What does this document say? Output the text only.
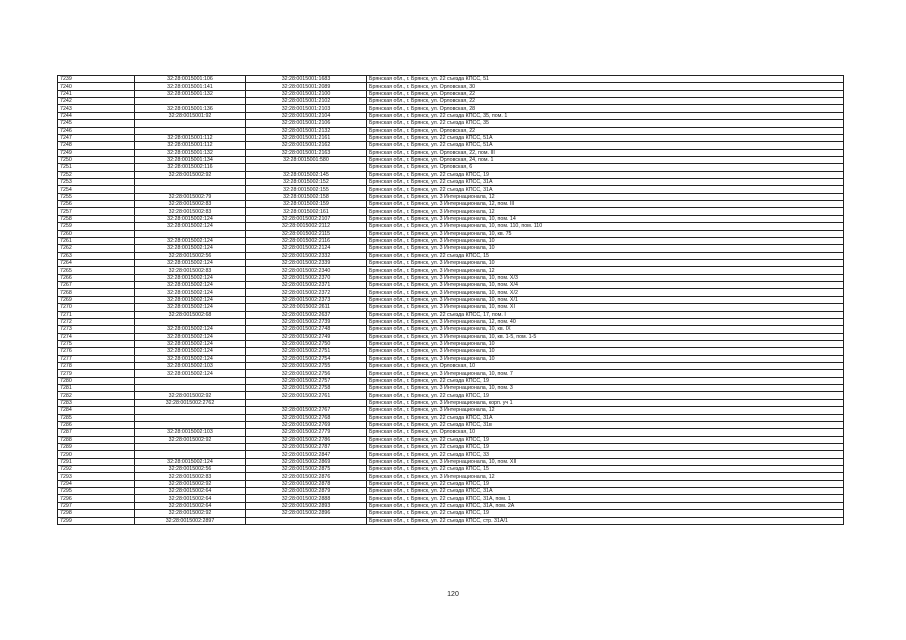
7239	32:28:0015001:106	32:28:0015001:1683	Брянская обл., г. Брянск, ул. 22 съезда КПСС, 51
7240	32:28:0015001:141	32:28:0015001:2089	Брянская обл., г. Брянск, ул. Орловская, 30
7241	32:28:0015001:132	32:28:0015001:2100	Брянская обл., г. Брянск, ул. Орловская, 22
7242		32:28:0015001:2102	Брянская обл., г. Брянск, ул. Орловская, 22
7243	32:28:0015001:136	32:28:0015001:2103	Брянская обл., г. Брянск, ул. Орловская, 28
7244	32:28:0015001:92	32:28:0015001:2104	Брянская обл., г. Брянск, ул. 22 съезда КПСС, 35, пом. 1
7245		32:28:0015001:2106	Брянская обл., г. Брянск, ул. 22 съезда КПСС, 35
7246		32:28:0015001:2132	Брянская обл., г. Брянск, ул. Орловская, 22
7247	32:28:0015001:112	32:28:0015001:2161	Брянская обл., г. Брянск, ул. 22 съезда КПСС, 51А
7248	32:28:0015001:112	32:28:0015001:2162	Брянская обл., г. Брянск, ул. 22 съезда КПСС, 51А
7249	32:28:0015001:132	32:28:0015001:2163	Брянская обл., г. Брянск, ул. Орловская, 22, пом. III
7250	32:28:0015001:134	32:28:0015001:580	Брянская обл., г. Брянск, ул. Орловская, 24, пом. 1
7251	32:28:0015002:116		Брянская обл., г. Брянск, ул. Орловская, 6
7252	32:28:0015002:92	32:28:0015002:145	Брянская обл., г. Брянск, ул. 22 съезда КПСС, 19
7253		32:28:0015002:152	Брянская обл., г. Брянск, ул. 22 съезда КПСС, 31А
7254		32:28:0015002:155	Брянская обл., г. Брянск, ул. 22 съезда КПСС, 31А
7255	32:28:0015002:79	32:28:0015002:158	Брянская обл., г. Брянск, ул. 3 Интернационала, 12
7256	32:28:0015002:83	32:28:0015002:159	Брянская обл., г. Брянск, ул. 3 Интернационала, 12, пом. III
7257	32:28:0015002:83	32:28:0015002:161	Брянская обл., г. Брянск, ул. 3 Интернационала, 12
7258	32:28:0015002:124	32:28:0015002:2107	Брянская обл., г. Брянск, ул. 3 Интернационала, 10, пом. 14
7259	32:28:0015002:124	32:28:0015002:2112	Брянская обл., г. Брянск, ул. 3 Интернационала, 10, пом. 110, пом. 110
7260		32:28:0015002:2115	Брянская обл., г. Брянск, ул. 3 Интернационала, 10, кв. 75
7261	32:28:0015002:124	32:28:0015002:2116	Брянская обл., г. Брянск, ул. 3 Интернационала, 10
7262	32:28:0015002:124	32:28:0015002:2124	Брянская обл., г. Брянск, ул. 3 Интернационала, 10
7263	32:28:0015002:56	32:28:0015002:2332	Брянская обл., г. Брянск, ул. 22 съезда КПСС, 15
7264	32:28:0015002:124	32:28:0015002:2339	Брянская обл., г. Брянск, ул. 3 Интернационала, 10
7265	32:28:0015002:83	32:28:0015002:2340	Брянская обл., г. Брянск, ул. 3 Интернационала, 12
7266	32:28:0015002:124	32:28:0015002:2370	Брянская обл., г. Брянск, ул. 3 Интернационала, 10, пом. Х/3
7267	32:28:0015002:124	32:28:0015002:2371	Брянская обл., г. Брянск, ул. 3 Интернационала, 10, пом. Х/4
7268	32:28:0015002:124	32:28:0015002:2372	Брянская обл., г. Брянск, ул. 3 Интернационала, 10, пом. Х/2
7269	32:28:0015002:124	32:28:0015002:2373	Брянская обл., г. Брянск, ул. 3 Интернационала, 10, пом. Х/1
7270	32:28:0015002:124	32:28:0015002:2611	Брянская обл., г. Брянск, ул. 3 Интернационала, 10, пом. XI
7271	32:28:0015002:68	32:28:0015002:2637	Брянская обл., г. Брянск, ул. 22 съезда КПСС, 17, пом. I
7272		32:28:0015002:2739	Брянская обл., г. Брянск, ул. 3 Интернационала, 12, пом. 40
7273	32:28:0015002:124	32:28:0015002:2748	Брянская обл., г. Брянск, ул. 3 Интернационала, 10, кв. IX
7274	32:28:0015002:124	32:28:0015002:2749	Брянская обл., г. Брянск, ул. 3 Интернационала, 10, кв. 1-5, пом. 1-5
7275	32:28:0015002:124	32:28:0015002:2750	Брянская обл., г. Брянск, ул. 3 Интернационала, 10
7276	32:28:0015002:124	32:28:0015002:2751	Брянская обл., г. Брянск, ул. 3 Интернационала, 10
7277	32:28:0015002:124	32:28:0015002:2754	Брянская обл., г. Брянск, ул. 3 Интернационала, 10
7278	32:28:0015002:103	32:28:0015002:2755	Брянская обл., г. Брянск, ул. Орловская, 10
7279	32:28:0015002:124	32:28:0015002:2756	Брянская обл., г. Брянск, ул. 3 Интернационала, 10, пом. 7
7280		32:28:0015002:2757	Брянская обл., г. Брянск, ул. 22 съезда КПСС, 19
7281		32:28:0015002:2758	Брянская обл., г. Брянск, ул. 3 Интернационала, 10, пом. 3
7282	32:28:0015002:92	32:28:0015002:2761	Брянская обл., г. Брянск, ул. 22 съезда КПСС, 19
7283	32:28:0015002:2762		Брянская обл., г. Брянск, ул. 3 Интернационала, корп. уч 1
7284		32:28:0015002:2767	Брянская обл., г. Брянск, ул. 3 Интернационала, 12
7285		32:28:0015002:2768	Брянская обл., г. Брянск, ул. 22 съезда КПСС, 31А
7286		32:28:0015002:2769	Брянская обл., г. Брянск, ул. 22 съезда КПСС, 31в
7287	32:28:0015002:103	32:28:0015002:2779	Брянская обл., г. Брянск, ул. Орловская, 10
7288	32:28:0015002:92	32:28:0015002:2786	Брянская обл., г. Брянск, ул. 22 съезда КПСС, 19
7289		32:28:0015002:2787	Брянская обл., г. Брянск, ул. 22 съезда КПСС, 19
7290		32:28:0015002:2847	Брянская обл., г. Брянск, ул. 22 съезда КПСС, 33
7291	32:28:0015002:124	32:28:0015002:2869	Брянская обл., г. Брянск, ул. 3 Интернационала, 10, пом. XII
7292	32:28:0015002:56	32:28:0015002:2875	Брянская обл., г. Брянск, ул. 22 съезда КПСС, 15
7293	32:28:0015002:83	32:28:0015002:2876	Брянская обл., г. Брянск, ул. 3 Интернационала, 12
7294	32:28:0015002:92	32:28:0015002:2878	Брянская обл., г. Брянск, ул. 22 съезда КПСС, 19
7295	32:28:0015002:64	32:28:0015002:2879	Брянская обл., г. Брянск, ул. 22 съезда КПСС, 31А
7296	32:28:0015002:64	32:28:0015002:2888	Брянская обл., г. Брянск, ул. 22 съезда КПСС, 31А, пом. 1
7297	32:28:0015002:64	32:28:0015002:2893	Брянская обл., г. Брянск, ул. 22 съезда КПСС, 31А, пом. 2А
7298	32:28:0015002:92	32:28:0015002:2896	Брянская обл., г. Брянск, ул. 22 съезда КПСС, 19
7299	32:28:0015002:2897		Брянская обл., г. Брянск, ул. 22 съезда КПСС, стр. 31А/1
120
